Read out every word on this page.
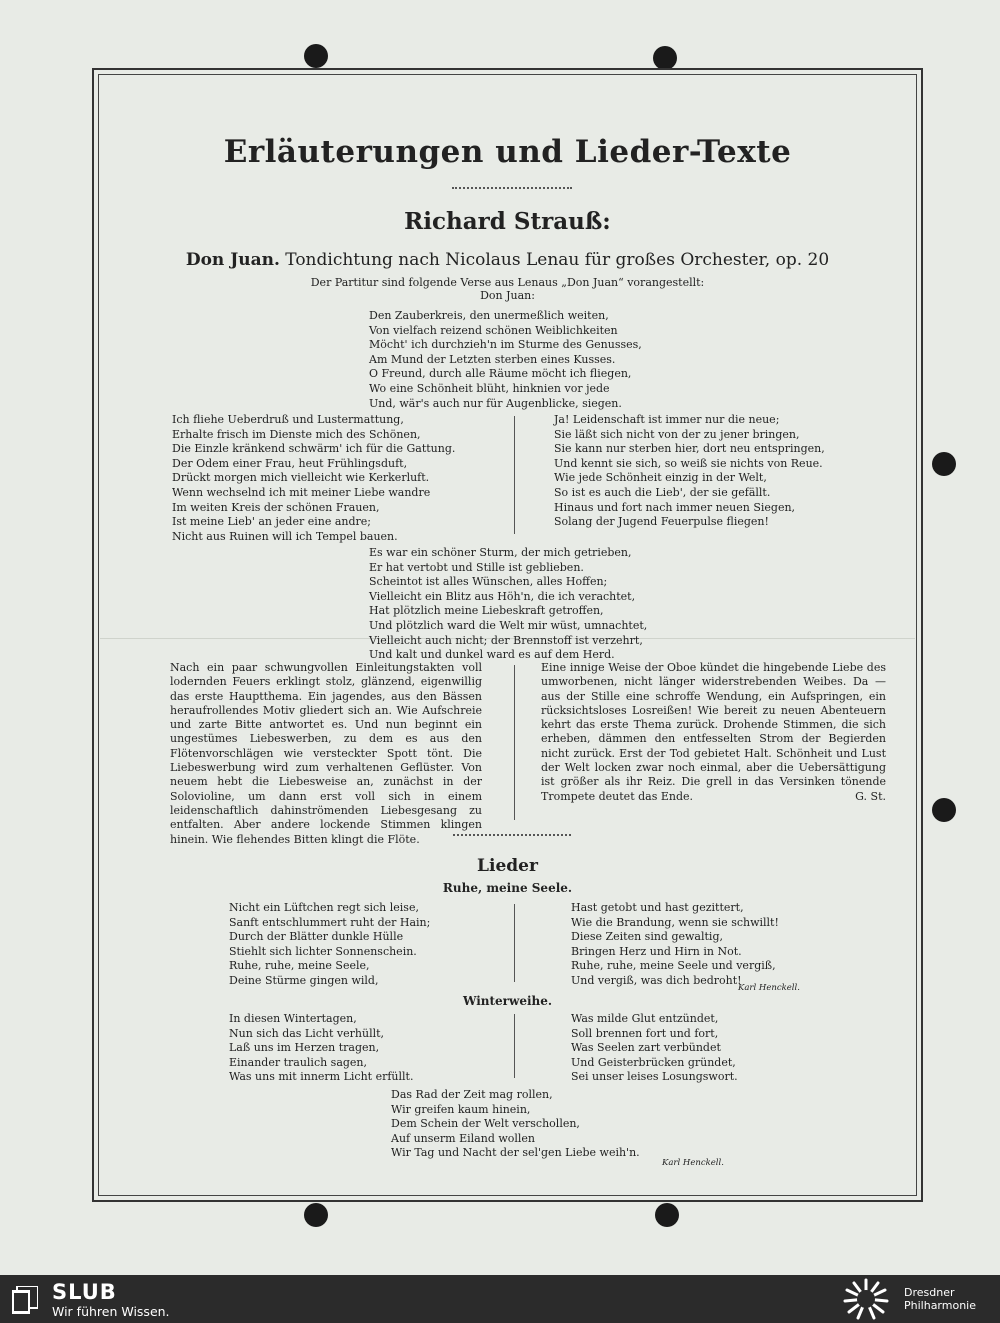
Erläuterungen und Lieder-Texte
Richard Strauß:
Don Juan. Tondichtung nach Nicolaus Lenau für großes Orchester, op. 20
Der Partitur sind folgende Verse aus Lenaus „Don Juan“ vorangestellt:
Don Juan:
Den Zauberkreis, den unermeßlich weiten,
Von vielfach reizend schönen Weiblichkeiten
Möcht' ich durchzieh'n im Sturme des Genusses,
Am Mund der Letzten sterben eines Kusses.
O Freund, durch alle Räume möcht ich fliegen,
Wo eine Schönheit blüht, hinknien vor jede
Und, wär's auch nur für Augenblicke, siegen.
Ich fliehe Ueberdruß und Lustermattung,
Erhalte frisch im Dienste mich des Schönen,
Die Einzle kränkend schwärm' ich für die Gattung.
Der Odem einer Frau, heut Frühlingsduft,
Drückt morgen mich vielleicht wie Kerkerluft.
Wenn wechselnd ich mit meiner Liebe wandre
Im weiten Kreis der schönen Frauen,
Ist meine Lieb' an jeder eine andre;
Nicht aus Ruinen will ich Tempel bauen.
Ja! Leidenschaft ist immer nur die neue;
Sie läßt sich nicht von der zu jener bringen,
Sie kann nur sterben hier, dort neu entspringen,
Und kennt sie sich, so weiß sie nichts von Reue.
Wie jede Schönheit einzig in der Welt,
So ist es auch die Lieb', der sie gefällt.
Hinaus und fort nach immer neuen Siegen,
Solang der Jugend Feuerpulse fliegen!
Es war ein schöner Sturm, der mich getrieben,
Er hat vertobt und Stille ist geblieben.
Scheintot ist alles Wünschen, alles Hoffen;
Vielleicht ein Blitz aus Höh'n, die ich verachtet,
Hat plötzlich meine Liebeskraft getroffen,
Und plötzlich ward die Welt mir wüst, umnachtet,
Vielleicht auch nicht; der Brennstoff ist verzehrt,
Und kalt und dunkel ward es auf dem Herd.
Nach ein paar schwungvollen Einleitungstakten voll lodernden Feuers erklingt stolz, glänzend, eigenwillig das erste Hauptthema. Ein jagendes, aus den Bässen heraufrollendes Motiv gliedert sich an. Wie Aufschreie und zarte Bitte antwortet es. Und nun beginnt ein ungestümes Liebeswerben, zu dem es aus den Flötenvorschlägen wie versteckter Spott tönt. Die Liebeswerbung wird zum verhaltenen Geflüster. Von neuem hebt die Liebesweise an, zunächst in der Solovioline, um dann erst voll sich in einem leidenschaftlich dahinströmenden Liebesgesang zu entfalten. Aber andere lockende Stimmen klingen hinein. Wie flehendes Bitten klingt die Flöte.
Eine innige Weise der Oboe kündet die hingebende Liebe des umworbenen, nicht länger widerstrebenden Weibes. Da — aus der Stille eine schroffe Wendung, ein Aufspringen, ein rücksichtsloses Losreißen! Wie bereit zu neuen Abenteuern kehrt das erste Thema zurück. Drohende Stimmen, die sich erheben, dämmen den entfesselten Strom der Begierden nicht zurück. Erst der Tod gebietet Halt. Schönheit und Lust der Welt locken zwar noch einmal, aber die Uebersättigung ist größer als ihr Reiz. Die grell in das Versinken tönende Trompete deutet das Ende.	G. St.
Lieder
Ruhe, meine Seele.
Nicht ein Lüftchen regt sich leise,
Sanft entschlummert ruht der Hain;
Durch der Blätter dunkle Hülle
Stiehlt sich lichter Sonnenschein.
Ruhe, ruhe, meine Seele,
Deine Stürme gingen wild,
Hast getobt und hast gezittert,
Wie die Brandung, wenn sie schwillt!
Diese Zeiten sind gewaltig,
Bringen Herz und Hirn in Not.
Ruhe, ruhe, meine Seele und vergiß,
Und vergiß, was dich bedroht!
Karl Henckell.
Winterweihe.
In diesen Wintertagen,
Nun sich das Licht verhüllt,
Laß uns im Herzen tragen,
Einander traulich sagen,
Was uns mit innerm Licht erfüllt.
Was milde Glut entzündet,
Soll brennen fort und fort,
Was Seelen zart verbündet
Und Geisterbrücken gründet,
Sei unser leises Losungswort.
Das Rad der Zeit mag rollen,
Wir greifen kaum hinein,
Dem Schein der Welt verschollen,
Auf unserm Eiland wollen
Wir Tag und Nacht der sel'gen Liebe weih'n.
Karl Henckell.
SLUB
Wir führen Wissen.
Dresdner
Philharmonie
